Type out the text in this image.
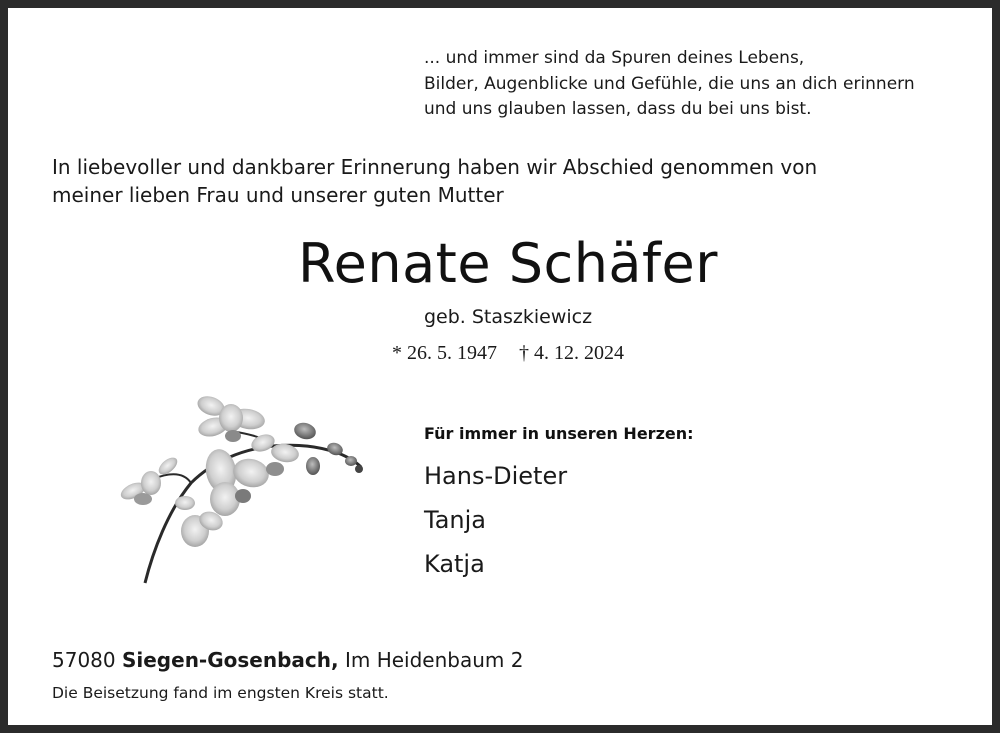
... und immer sind da Spuren deines Lebens,
Bilder, Augenblicke und Gefühle, die uns an dich erinnern
und uns glauben lassen, dass du bei uns bist.
In liebevoller und dankbarer Erinnerung haben wir Abschied genommen von
meiner lieben Frau und unserer guten Mutter
Renate Schäfer
geb. Staszkiewicz
* 26. 5. 1947 † 4. 12. 2024
Für immer in unseren Herzen:
Hans-Dieter
Tanja
Katja
57080 Siegen-Gosenbach, Im Heidenbaum 2
Die Beisetzung fand im engsten Kreis statt.
